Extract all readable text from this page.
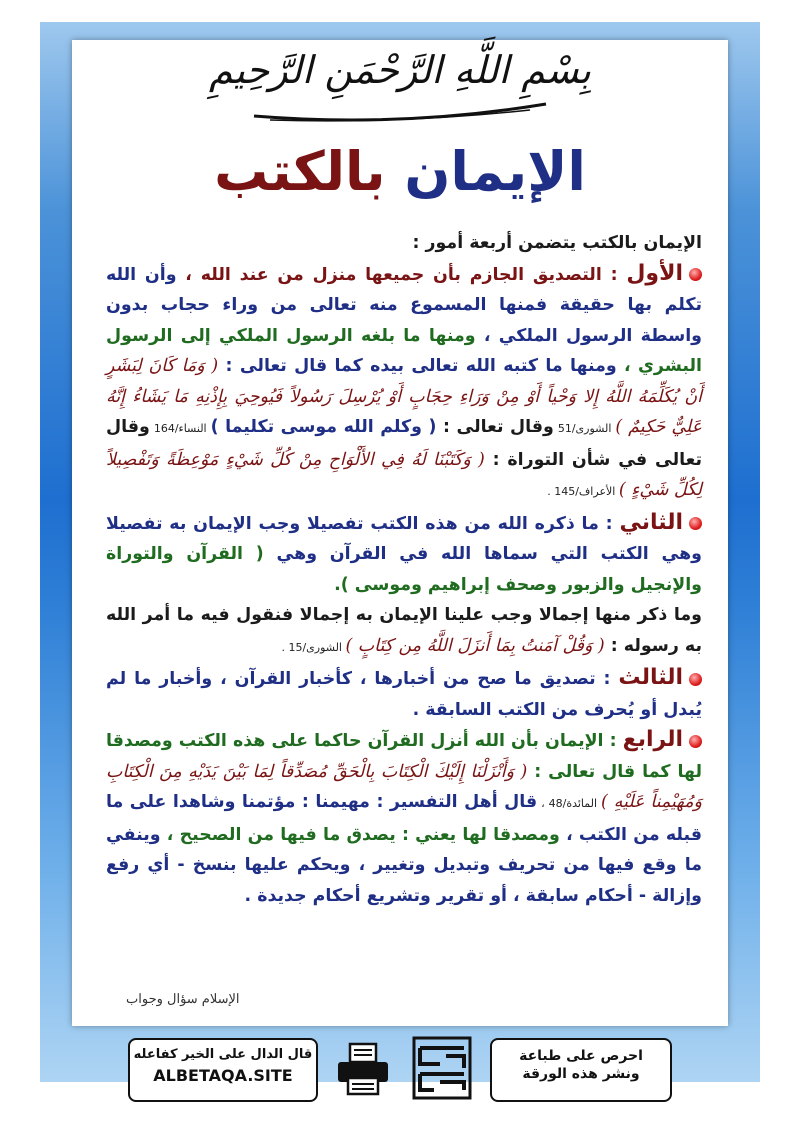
بِسْمِ اللَّهِ الرَّحْمَنِ الرَّحِيمِ
الإيمان بالكتب

الإيمان بالكتب يتضمن أربعة أمور :

الأول : التصديق الجازم بأن جميعها منزل من عند الله ، وأن الله تكلم بها حقيقة فمنها المسموع منه تعالى من وراء حجاب بدون واسطة الرسول الملكي ، ومنها ما بلغه الرسول الملكي إلى الرسول البشري ، ومنها ما كتبه الله تعالى بيده كما قال تعالى : ( وَمَا كَانَ لِبَشَرٍ أَنْ يُكَلِّمَهُ اللَّهُ إِلا وَحْياً أَوْ مِنْ وَرَاءِ حِجَابٍ أَوْ يُرْسِلَ رَسُولاً فَيُوحِيَ بِإِذْنِهِ مَا يَشَاءُ إِنَّهُ عَلِيٌّ حَكِيمٌ ) الشورى/51 وقال تعالى : ( وكلم الله موسى تكليما ) النساء/164 وقال تعالى في شأن التوراة : ( وَكَتَبْنَا لَهُ فِي الأَلْوَاحِ مِنْ كُلِّ شَيْءٍ مَوْعِظَةً وَتَفْصِيلاً لِكُلِّ شَيْءٍ ) الأعراف/145 .

الثاني : ما ذكره الله من هذه الكتب تفصيلا وجب الإيمان به تفصيلا وهي الكتب التي سماها الله في القرآن وهي ( القرآن والتوراة والإنجيل والزبور وصحف إبراهيم وموسى ).
وما ذكر منها إجمالا وجب علينا الإيمان به إجمالا فنقول فيه ما أمر الله به رسوله : ( وَقُلْ آمَنتُ بِمَا أَنزَلَ اللَّهُ مِن كِتَابٍ ) الشورى/15 .

الثالث : تصديق ما صح من أخبارها ، كأخبار القرآن ، وأخبار ما لم يُبدل أو يُحرف من الكتب السابقة .

الرابع : الإيمان بأن الله أنزل القرآن حاكما على هذه الكتب ومصدقا لها كما قال تعالى : ( وَأَنْزَلْنَا إِلَيْكَ الْكِتَابَ بِالْحَقِّ مُصَدِّقاً لِمَا بَيْنَ يَدَيْهِ مِنَ الْكِتَابِ وَمُهَيْمِناً عَلَيْهِ ) المائدة/48 ، قال أهل التفسير : مهيمنا : مؤتمنا وشاهدا على ما قبله من الكتب ، ومصدقا لها يعني : يصدق ما فيها من الصحيح ، وينفي ما وقع فيها من تحريف وتبديل وتغيير ، ويحكم عليها بنسخ - أي رفع وإزالة - أحكام سابقة ، أو تقرير وتشريع أحكام جديدة .

الإسلام سؤال وجواب
قال الدال على الخير كفاعله
ALBETAQA.SITE
احرص على طباعة
ونشر هذه الورقة
